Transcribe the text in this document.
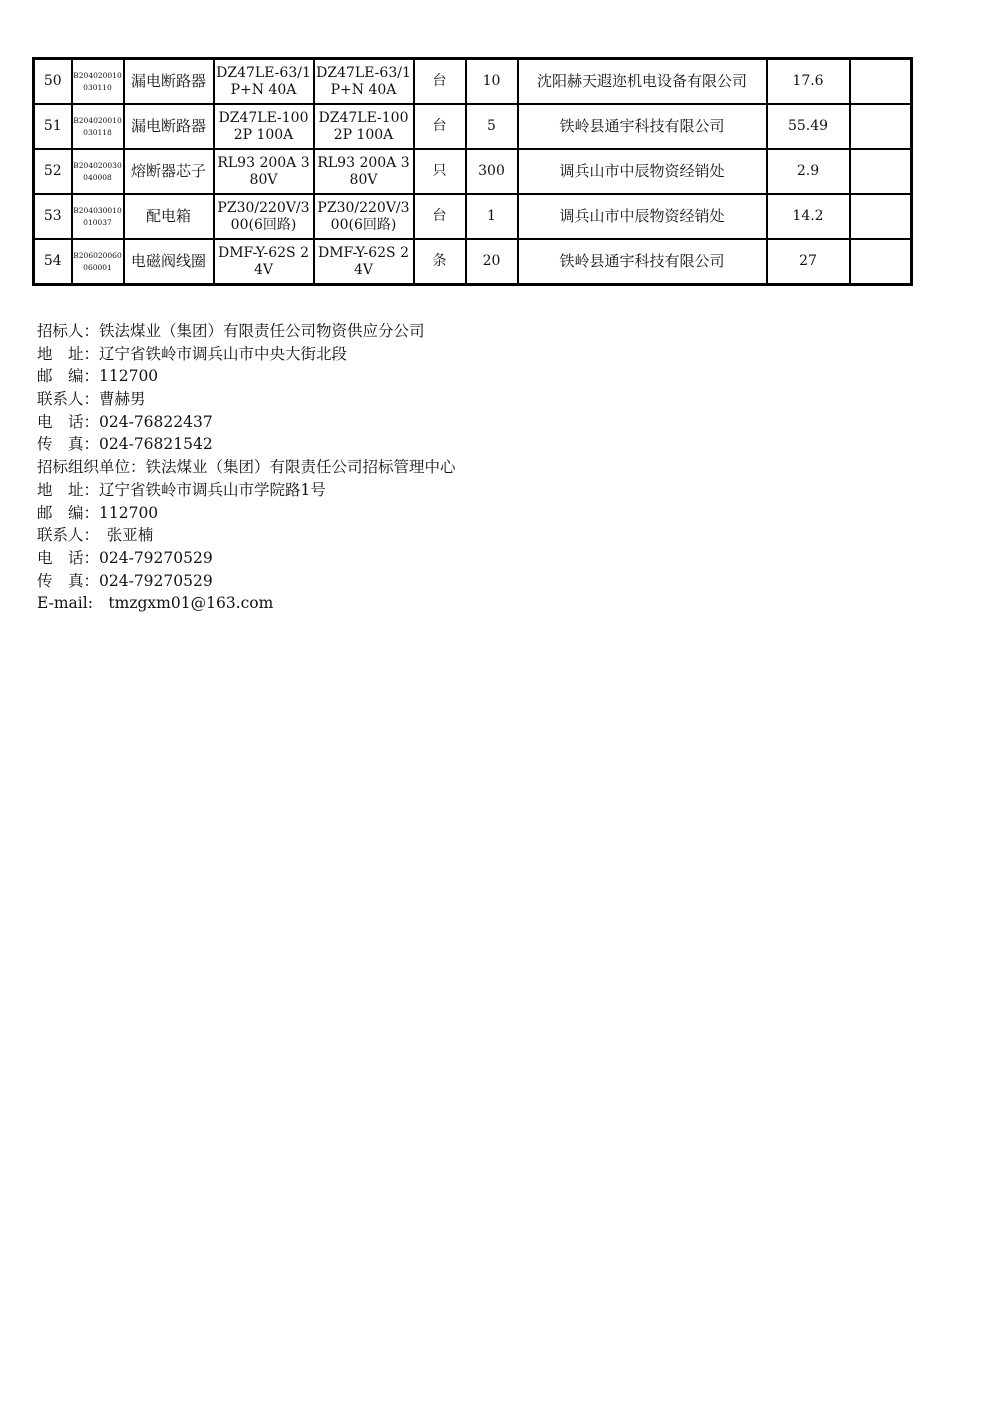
50	B204020010030110	漏电断路器	DZ47LE-63/1P+N 40A	DZ47LE-63/1P+N 40A	台	10	沈阳赫天遐迩机电设备有限公司	17.6	
51	B204020010030118	漏电断路器	DZ47LE-100 2P 100A	DZ47LE-100 2P 100A	台	5	铁岭县通宇科技有限公司	55.49	
52	B204020030040008	熔断器芯子	RL93 200A 380V	RL93 200A 380V	只	300	调兵山市中辰物资经销处	2.9	
53	B204030010010037	配电箱	PZ30/220V/300(6回路)	PZ30/220V/300(6回路)	台	1	调兵山市中辰物资经销处	14.2	
54	B206020060060001	电磁阀线圈	DMF-Y-62S 24V	DMF-Y-62S 24V	条	20	铁岭县通宇科技有限公司	27	
招标人：铁法煤业（集团）有限责任公司物资供应分公司
地　址：辽宁省铁岭市调兵山市中央大街北段
邮　编：112700
联系人：曹赫男
电　话：024-76822437
传　真：024-76821542
招标组织单位：铁法煤业（集团）有限责任公司招标管理中心
地　址：辽宁省铁岭市调兵山市学院路1号
邮　编：112700
联系人：　张亚楠
电　话：024-79270529
传　真：024-79270529
E-mail:　tmzgxm01@163.com
